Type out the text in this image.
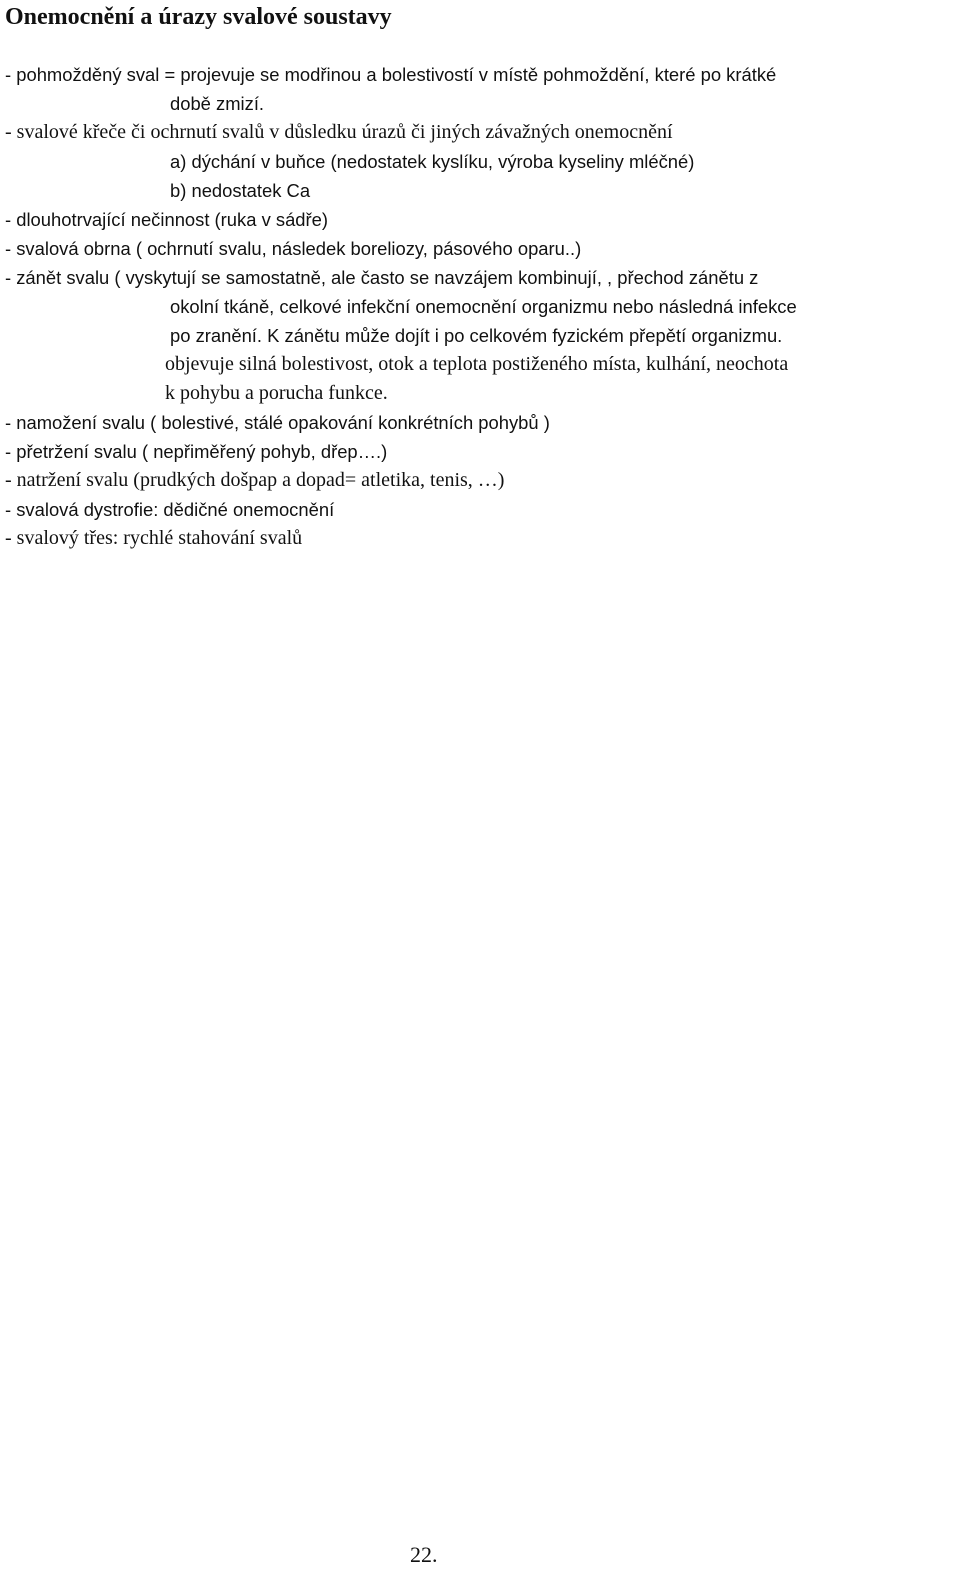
Onemocnění a úrazy svalové soustavy

- pohmožděný sval = projevuje se modřinou a bolestivostí v místě pohmoždění, které po krátké

době zmizí.

- svalové křeče či ochrnutí svalů v důsledku úrazů či jiných závažných onemocnění

a) dýchání v buňce (nedostatek kyslíku, výroba kyseliny mléčné)

b) nedostatek Ca

- dlouhotrvající nečinnost (ruka v sádře)

- svalová obrna ( ochrnutí svalu, následek boreliozy, pásového oparu..)

- zánět svalu ( vyskytují se samostatně, ale často se navzájem kombinují, , přechod zánětu z

okolní tkáně, celkové infekční onemocnění organizmu nebo následná infekce

po zranění. K zánětu může dojít i po celkovém fyzickém přepětí organizmu.

objevuje silná bolestivost, otok a teplota postiženého místa, kulhání, neochota

k pohybu a porucha funkce.

- namožení svalu ( bolestivé, stálé opakování konkrétních pohybů )

- přetržení svalu ( nepřiměřený pohyb, dřep….)

- natržení svalu (prudkých došpap a dopad= atletika, tenis, …)

- svalová dystrofie: dědičné onemocnění

- svalový třes: rychlé stahování svalů

22.
